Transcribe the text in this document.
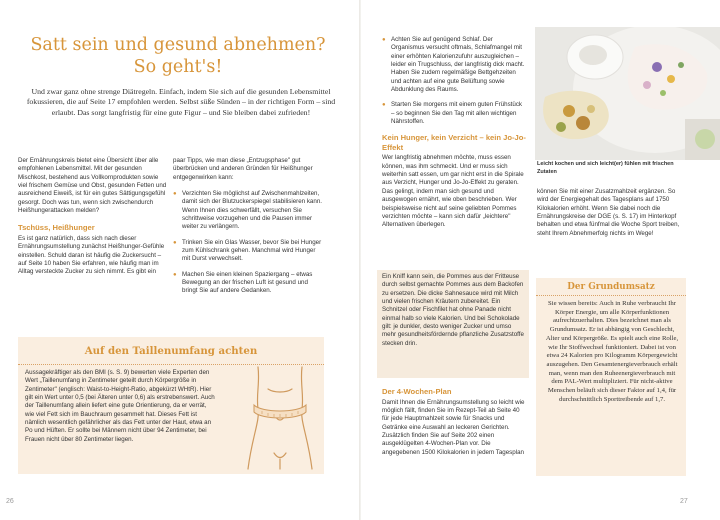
Satt sein und gesund abnehmen?
So geht's!
Und zwar ganz ohne strenge Diätregeln. Einfach, indem Sie sich auf die gesunden Lebensmittel fokussieren, die auf Seite 17 empfohlen werden. Selbst süße Sünden – in der richtigen Form – sind erlaubt. Das sorgt langfristig für eine gute Figur – und Sie bleiben dabei zufrieden!

Der Ernährungskreis bietet eine Übersicht über alle empfohlenen Lebensmittel. Mit der gesunden Mischkost, bestehend aus Vollkornprodukten sowie viel frischem Gemüse und Obst, gesunden Fetten und ausreichend Eiweiß, ist für ein gutes Sättigungsgefühl gesorgt. Doch was tun, wenn sich zwischendurch Heißhungerattacken melden?

Tschüss, Heißhunger

Es ist ganz natürlich, dass sich nach dieser Ernährungsumstellung zunächst Heißhunger-Gefühle einstellen. Schuld daran ist häufig die Zuckersucht – auf Seite 10 haben Sie erfahren, wie häufig man im Alltag versteckte Zucker zu sich nimmt. Es gibt ein

paar Tipps, wie man diese „Entzugsphase" gut überbrücken und anderen Gründen für Heißhunger entgegenwirken kann:

● Verzichten Sie möglichst auf Zwischenmahlzeiten, damit sich der Blutzuckerspiegel stabilisieren kann. Wenn Ihnen dies schwerfällt, versuchen Sie schrittweise vorzugehen und die Pausen immer weiter zu verlängern.
● Trinken Sie ein Glas Wasser, bevor Sie bei Hunger zum Kühlschrank gehen. Manchmal wird Hunger mit Durst verwechselt.
● Machen Sie einen kleinen Spaziergang – etwas Bewegung an der frischen Luft ist gesund und bringt Sie auf andere Gedanken.
Auf den Taillenumfang achten
Aussagekräftiger als den BMI (s. S. 9) bewerten viele Experten den Wert „Taillenumfang in Zentimeter geteilt durch Körpergröße in Zentimeter" (englisch: Waist-to-Height-Ratio, abgekürzt WHtR). Hier gilt ein Wert unter 0,5 (bei Älteren unter 0,6) als erstrebenswert. Auch der Taillenumfang allein liefert eine gute Orientierung, da er verrät, wie viel Fett sich im Bauchraum gesammelt hat. Dieses Fett ist nämlich wesentlich gefährlicher als das Fett unter der Haut, etwa an Po und Hüften. Er sollte bei Männern nicht über 94 Zentimeter, bei Frauen nicht über 80 Zentimeter liegen.
26
● Achten Sie auf genügend Schlaf. Der Organismus versucht oftmals, Schlafmangel mit einer erhöhten Kalorienzufuhr auszugleichen – leider ein Trugschluss, der langfristig dick macht. Haben Sie zudem regelmäßige Bettgehzeiten und achten auf eine gute Belüftung sowie Abdunklung des Raums.
● Starten Sie morgens mit einem guten Frühstück – so beginnen Sie den Tag mit allen wichtigen Nährstoffen.
Kein Hunger, kein Verzicht – kein Jo-Jo-Effekt

Wer langfristig abnehmen möchte, muss essen können, was ihm schmeckt. Und er muss sich weiterhin satt essen, um gar nicht erst in die Spirale aus Verzicht, Hunger und Jo-Jo-Effekt zu geraten. Das gelingt, indem man sich gesund und ausgewogen ernährt, wie oben beschrieben. Wer beispielsweise nicht auf seine geliebten Pommes verzichten möchte – kann sich dafür „leichtere" Alternativen überlegen.

Ein Kniff kann sein, die Pommes aus der Fritteuse durch selbst gemachte Pommes aus dem Backofen zu ersetzen. Die dicke Sahnesauce wird mit Milch und vielen frischen Kräutern zubereitet. Ein Schnitzel oder Fischfilet hat ohne Panade nicht einmal halb so viele Kalorien. Und bei Schokolade gilt: je dunkler, desto weniger Zucker und umso mehr gesundheitsfördernde pflanzliche Zusatzstoffe stecken drin.
Der 4-Wochen-Plan

Damit Ihnen die Ernährungsumstellung so leicht wie möglich fällt, finden Sie im Rezept-Teil ab Seite 40 für jede Hauptmahlzeit sowie für Snacks und Getränke eine Auswahl an leckeren Gerichten. Zusätzlich finden Sie auf Seite 202 einen ausgeklügelten 4-Wochen-Plan vor. Die angegebenen 1500 Kilokalorien in jedem Tagesplan

Leicht kochen und sich leicht(er) fühlen mit frischen Zutaten

können Sie mit einer Zusatzmahlzeit ergänzen. So wird der Energiegehalt des Tagesplans auf 1750 Kilokalorien erhöht. Wenn Sie dabei noch die Ernährungskreise der DGE (s. S. 17) im Hinterkopf behalten und etwa fünfmal die Woche Sport treiben, steht Ihrem Abnehmerfolg nichts im Wege!

Der Grundumsatz
Sie wissen bereits: Auch in Ruhe verbraucht Ihr Körper Energie, um alle Körperfunktionen aufrechtzuerhalten. Dies bezeichnet man als Grundumsatz. Er ist abhängig von Geschlecht, Alter und Körpergröße. Es spielt auch eine Rolle, wie Ihr Stoffwechsel funktioniert. Dabei ist von etwa 24 Kalorien pro Kilogramm Körpergewicht auszugehen. Den Gesamtenergieverbrauch erhält man, wenn man den Ruheenergieverbrauch mit dem PAL-Wert multipliziert. Für nicht-aktive Menschen beläuft sich dieser Faktor auf 1,4, für durchschnittlich Sporttreibende auf 1,7.
27
